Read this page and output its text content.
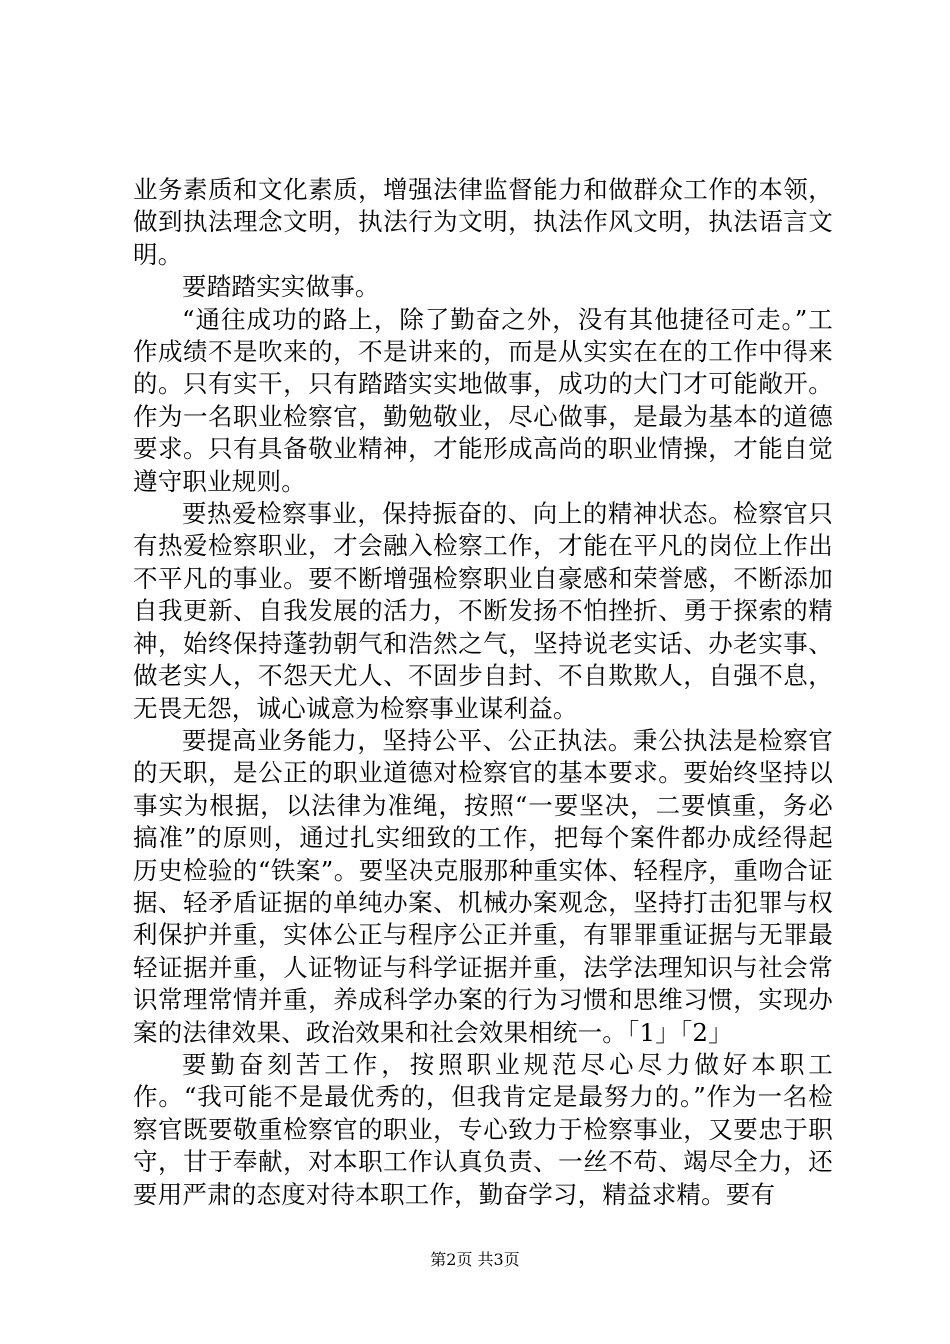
业务素质和文化素质，增强法律监督能力和做群众工作的本领，做到执法理念文明，执法行为文明，执法作风文明，执法语言文明。

要踏踏实实做事。

“通往成功的路上，除了勤奋之外，没有其他捷径可走。”工作成绩不是吹来的，不是讲来的，而是从实实在在的工作中得来的。只有实干，只有踏踏实实地做事，成功的大门才可能敞开。作为一名职业检察官，勤勉敬业，尽心做事，是最为基本的道德要求。只有具备敬业精神，才能形成高尚的职业情操，才能自觉遵守职业规则。

要热爱检察事业，保持振奋的、向上的精神状态。检察官只有热爱检察职业，才会融入检察工作，才能在平凡的岗位上作出不平凡的事业。要不断增强检察职业自豪感和荣誉感，不断添加自我更新、自我发展的活力，不断发扬不怕挫折、勇于探索的精神，始终保持蓬勃朝气和浩然之气，坚持说老实话、办老实事、做老实人，不怨天尤人、不固步自封、不自欺欺人，自强不息，无畏无怨，诚心诚意为检察事业谋利益。

要提高业务能力，坚持公平、公正执法。秉公执法是检察官的天职，是公正的职业道德对检察官的基本要求。要始终坚持以事实为根据，以法律为准绳，按照“一要坚决，二要慎重，务必搞准”的原则，通过扎实细致的工作，把每个案件都办成经得起历史检验的“铁案”。要坚决克服那种重实体、轻程序，重吻合证据、轻矛盾证据的单纯办案、机械办案观念，坚持打击犯罪与权利保护并重，实体公正与程序公正并重，有罪罪重证据与无罪最轻证据并重，人证物证与科学证据并重，法学法理知识与社会常识常理常情并重，养成科学办案的行为习惯和思维习惯，实现办案的法律效果、政治效果和社会效果相统一。「1」「2」

要勤奋刻苦工作，按照职业规范尽心尽力做好本职工作。“我可能不是最优秀的，但我肯定是最努力的。”作为一名检察官既要敬重检察官的职业，专心致力于检察事业，又要忠于职守，甘于奉献，对本职工作认真负责、一丝不苟、竭尽全力，还要用严肃的态度对待本职工作，勤奋学习，精益求精。要有

第2页 共3页
